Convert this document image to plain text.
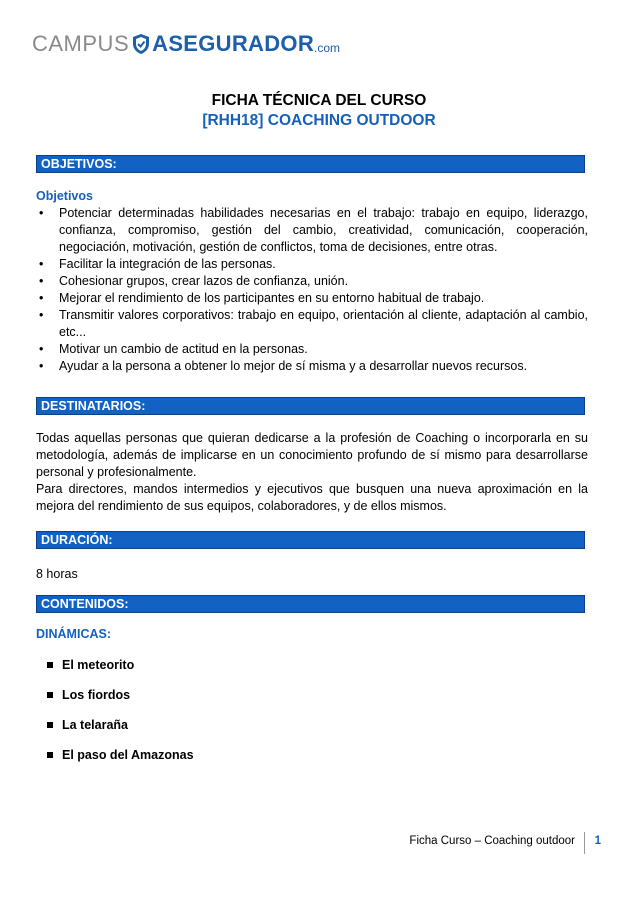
CAMPUS ASEGURADOR .com
FICHA TÉCNICA DEL CURSO
[RHH18] COACHING OUTDOOR
OBJETIVOS:
Objetivos
• Potenciar determinadas habilidades necesarias en el trabajo: trabajo en equipo, liderazgo, confianza, compromiso, gestión del cambio, creatividad, comunicación, cooperación, negociación, motivación, gestión de conflictos, toma de decisiones, entre otras.
• Facilitar la integración de las personas.
• Cohesionar grupos, crear lazos de confianza, unión.
• Mejorar el rendimiento de los participantes en su entorno habitual de trabajo.
• Transmitir valores corporativos: trabajo en equipo, orientación al cliente, adaptación al cambio, etc...
• Motivar un cambio de actitud en la personas.
• Ayudar a la persona a obtener lo mejor de sí misma y a desarrollar nuevos recursos.
DESTINATARIOS:
Todas aquellas personas que quieran dedicarse a la profesión de Coaching o incorporarla en su metodología, además de implicarse en un conocimiento profundo de sí mismo para desarrollarse personal y profesionalmente.
Para directores, mandos intermedios y ejecutivos que busquen una nueva aproximación en la mejora del rendimiento de sus equipos, colaboradores, y de ellos mismos.
DURACIÓN:
8 horas
CONTENIDOS:
DINÁMICAS:
El meteorito
Los fiordos
La telaraña
El paso del Amazonas
Ficha Curso – Coaching outdoor 1
